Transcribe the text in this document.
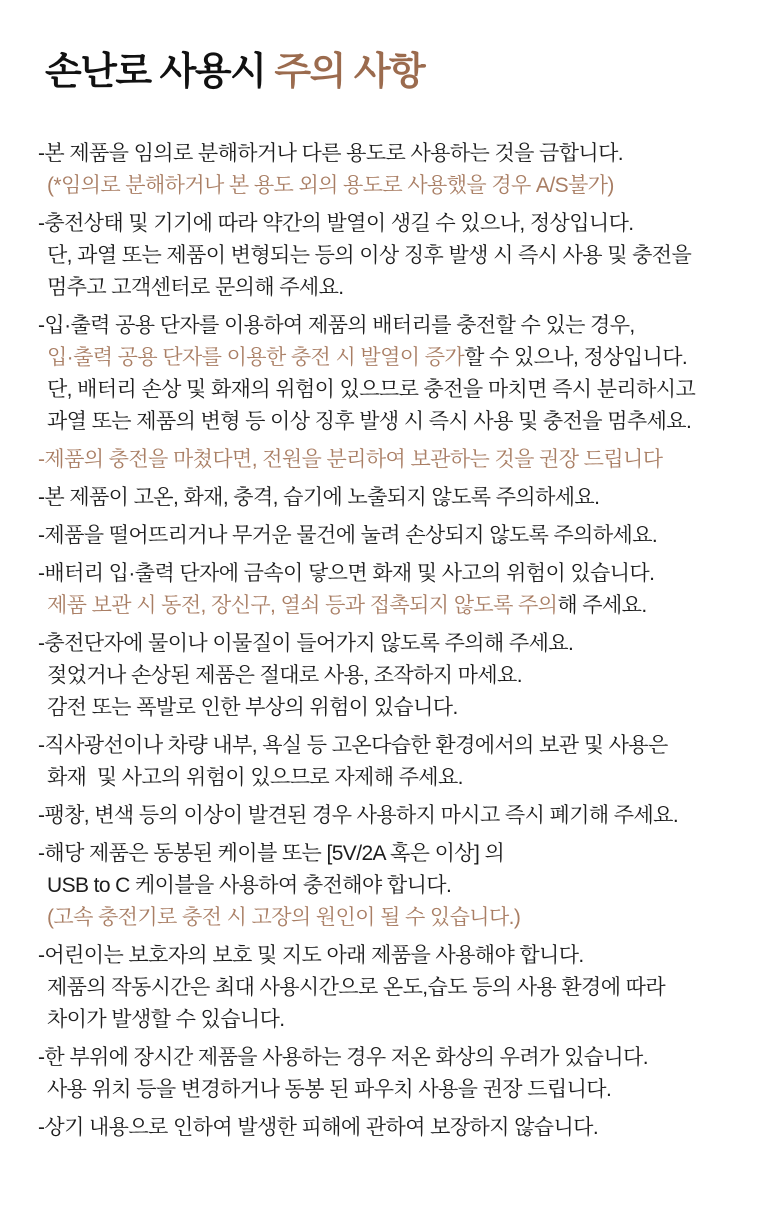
손난로 사용시 주의 사항
-본 제품을 임의로 분해하거나 다른 용도로 사용하는 것을 금합니다.
(*임의로 분해하거나 본 용도 외의 용도로 사용했을 경우 A/S불가)
-충전상태 및 기기에 따라 약간의 발열이 생길 수 있으나, 정상입니다.
단, 과열 또는 제품이 변형되는 등의 이상 징후 발생 시 즉시 사용 및 충전을
멈추고 고객센터로 문의해 주세요.
-입·출력 공용 단자를 이용하여 제품의 배터리를 충전할 수 있는 경우,
입·출력 공용 단자를 이용한 충전 시 발열이 증가할 수 있으나, 정상입니다.
단, 배터리 손상 및 화재의 위험이 있으므로 충전을 마치면 즉시 분리하시고
과열 또는 제품의 변형 등 이상 징후 발생 시 즉시 사용 및 충전을 멈추세요.
-제품의 충전을 마쳤다면, 전원을 분리하여 보관하는 것을 권장 드립니다
-본 제품이 고온, 화재, 충격, 습기에 노출되지 않도록 주의하세요.
-제품을 떨어뜨리거나 무거운 물건에 눌려 손상되지 않도록 주의하세요.
-배터리 입·출력 단자에 금속이 닿으면 화재 및 사고의 위험이 있습니다.
제품 보관 시 동전, 장신구, 열쇠 등과 접촉되지 않도록 주의해 주세요.
-충전단자에 물이나 이물질이 들어가지 않도록 주의해 주세요.
젖었거나 손상된 제품은 절대로 사용, 조작하지 마세요.
감전 또는 폭발로 인한 부상의 위험이 있습니다.
-직사광선이나 차량 내부, 욕실 등 고온다습한 환경에서의 보관 및 사용은
화재  및 사고의 위험이 있으므로 자제해 주세요.
-팽창, 변색 등의 이상이 발견된 경우 사용하지 마시고 즉시 폐기해 주세요.
-해당 제품은 동봉된 케이블 또는 [5V/2A 혹은 이상] 의
USB to C 케이블을 사용하여 충전해야 합니다.
(고속 충전기로 충전 시 고장의 원인이 될 수 있습니다.)
-어린이는 보호자의 보호 및 지도 아래 제품을 사용해야 합니다.
제품의 작동시간은 최대 사용시간으로 온도,습도 등의 사용 환경에 따라
차이가 발생할 수 있습니다.
-한 부위에 장시간 제품을 사용하는 경우 저온 화상의 우려가 있습니다.
사용 위치 등을 변경하거나 동봉 된 파우치 사용을 권장 드립니다.
-상기 내용으로 인하여 발생한 피해에 관하여 보장하지 않습니다.
